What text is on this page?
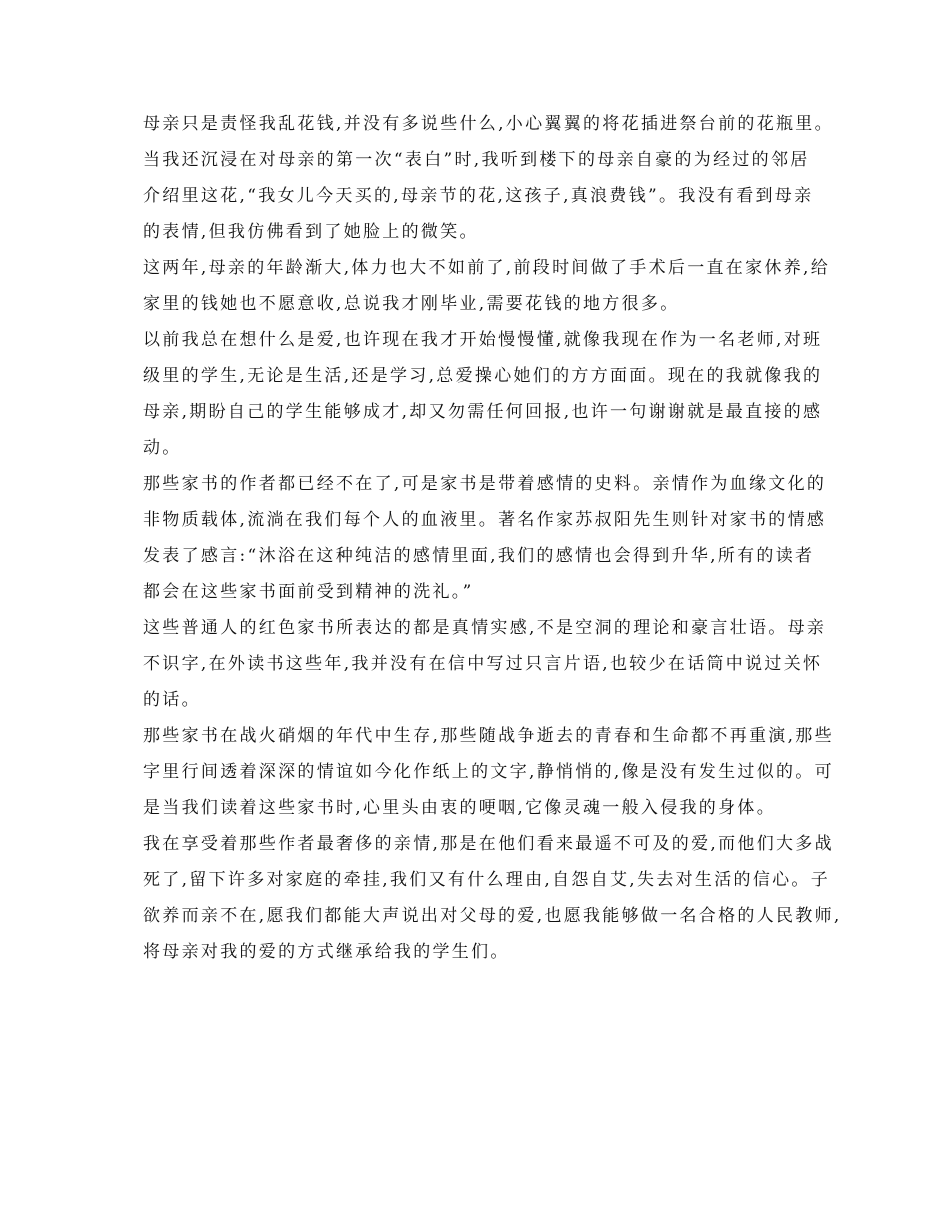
母亲只是责怪我乱花钱,并没有多说些什么,小心翼翼的将花插进祭台前的花瓶里。

当我还沉浸在对母亲的第一次“表白”时,我听到楼下的母亲自豪的为经过的邻居
介绍里这花,“我女儿今天买的,母亲节的花,这孩子,真浪费钱”。我没有看到母亲
的表情,但我仿佛看到了她脸上的微笑。

这两年,母亲的年龄渐大,体力也大不如前了,前段时间做了手术后一直在家休养,给
家里的钱她也不愿意收,总说我才刚毕业,需要花钱的地方很多。

以前我总在想什么是爱,也许现在我才开始慢慢懂,就像我现在作为一名老师,对班
级里的学生,无论是生活,还是学习,总爱操心她们的方方面面。现在的我就像我的
母亲,期盼自己的学生能够成才,却又勿需任何回报,也许一句谢谢就是最直接的感
动。

那些家书的作者都已经不在了,可是家书是带着感情的史料。亲情作为血缘文化的
非物质载体,流淌在我们每个人的血液里。著名作家苏叔阳先生则针对家书的情感
发表了感言:“沐浴在这种纯洁的感情里面,我们的感情也会得到升华,所有的读者
都会在这些家书面前受到精神的洗礼。”

这些普通人的红色家书所表达的都是真情实感,不是空洞的理论和豪言壮语。母亲
不识字,在外读书这些年,我并没有在信中写过只言片语,也较少在话筒中说过关怀
的话。

那些家书在战火硝烟的年代中生存,那些随战争逝去的青春和生命都不再重演,那些
字里行间透着深深的情谊如今化作纸上的文字,静悄悄的,像是没有发生过似的。可
是当我们读着这些家书时,心里头由衷的哽咽,它像灵魂一般入侵我的身体。

我在享受着那些作者最奢侈的亲情,那是在他们看来最遥不可及的爱,而他们大多战
死了,留下许多对家庭的牵挂,我们又有什么理由,自怨自艾,失去对生活的信心。子
欲养而亲不在,愿我们都能大声说出对父母的爱,也愿我能够做一名合格的人民教师,
将母亲对我的爱的方式继承给我的学生们。
